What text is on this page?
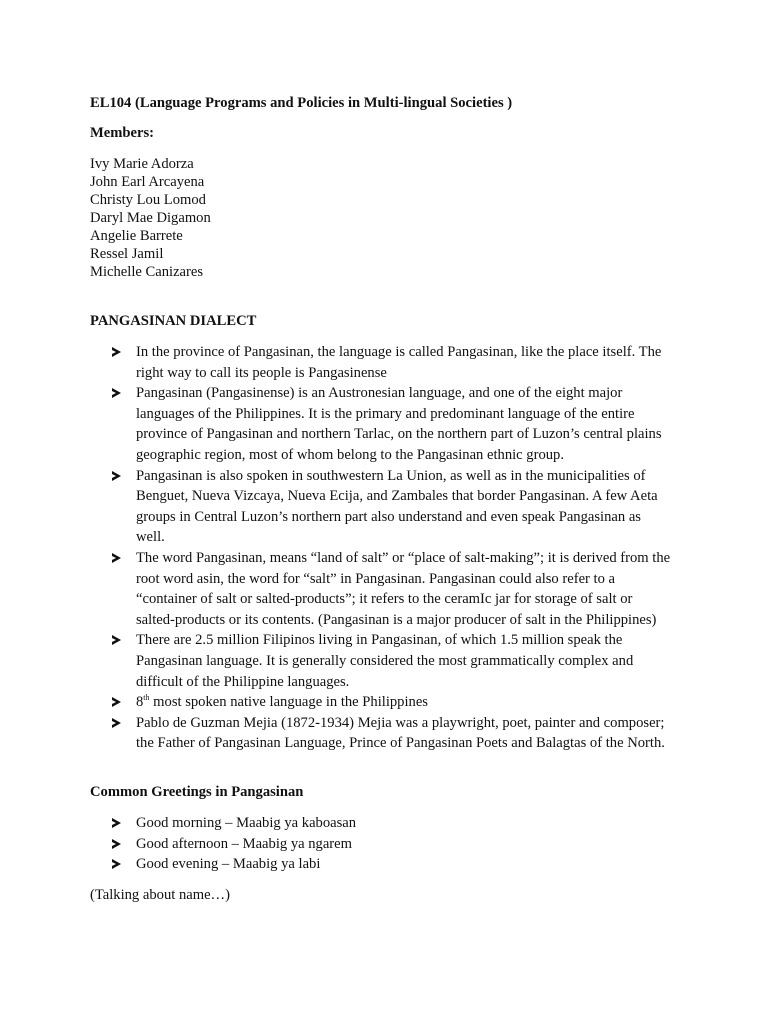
EL104 (Language Programs and Policies in Multi-lingual Societies )
Members:
Ivy Marie Adorza
John Earl Arcayena
Christy Lou Lomod
Daryl Mae Digamon
Angelie Barrete
Ressel Jamil
Michelle Canizares
PANGASINAN DIALECT
In the province of Pangasinan, the language is called Pangasinan, like the place itself. The right way to call its people is Pangasinense
Pangasinan (Pangasinense) is an Austronesian language, and one of the eight major languages of the Philippines. It is the primary and predominant language of the entire province of Pangasinan and northern Tarlac, on the northern part of Luzon’s central plains geographic region, most of whom belong to the Pangasinan ethnic group.
Pangasinan is also spoken in southwestern La Union, as well as in the municipalities of Benguet, Nueva Vizcaya, Nueva Ecija, and Zambales that border Pangasinan. A few Aeta groups in Central Luzon’s northern part also understand and even speak Pangasinan as well.
The word Pangasinan, means “land of salt” or “place of salt-making”; it is derived from the root word asin, the word for “salt” in Pangasinan. Pangasinan could also refer to a “container of salt or salted-products”; it refers to the ceramIc jar for storage of salt or salted-products or its contents. (Pangasinan is a major producer of salt in the Philippines)
There are 2.5 million Filipinos living in Pangasinan, of which 1.5 million speak the Pangasinan language. It is generally considered the most grammatically complex and difficult of the Philippine languages.
8th most spoken native language in the Philippines
Pablo de Guzman Mejia (1872-1934) Mejia was a playwright, poet, painter and composer; the Father of Pangasinan Language, Prince of Pangasinan Poets and Balagtas of the North.
Common Greetings in Pangasinan
Good morning – Maabig ya kaboasan
Good afternoon – Maabig ya ngarem
Good evening – Maabig ya labi
(Talking about name…)
